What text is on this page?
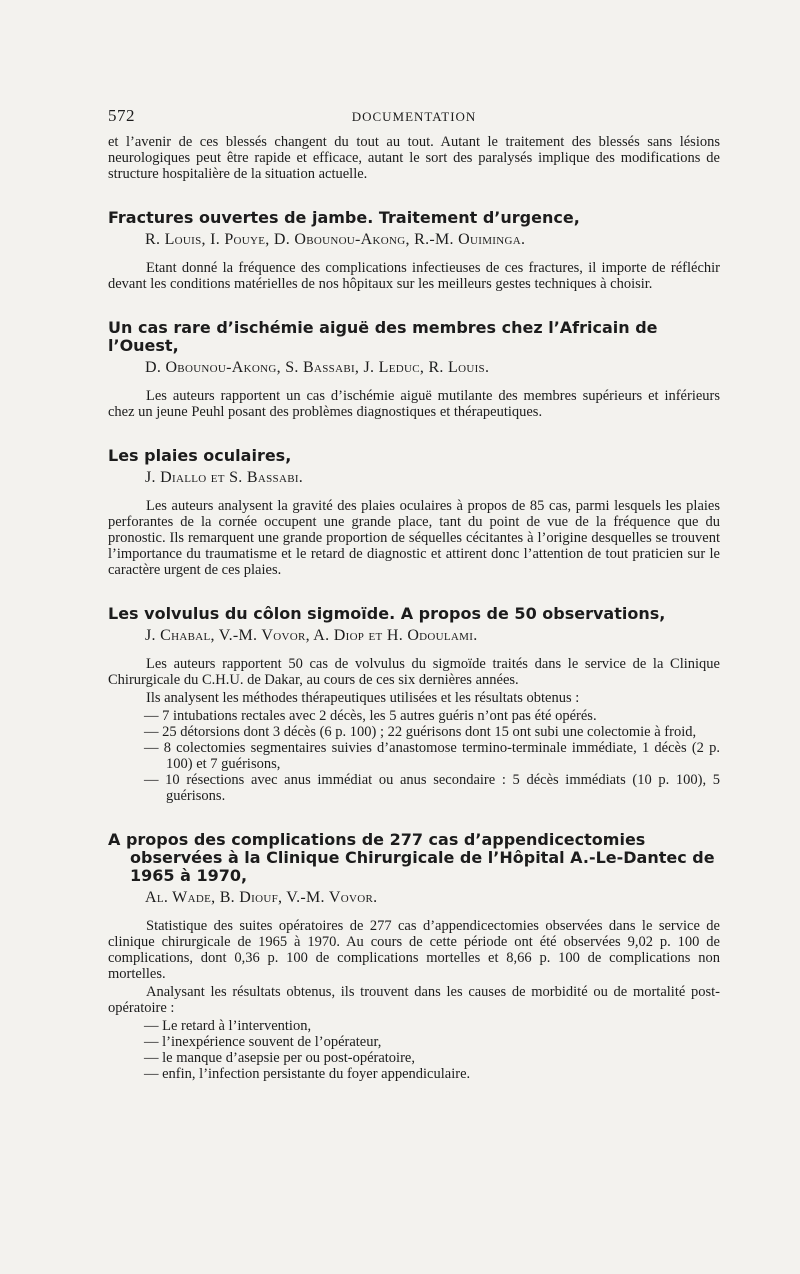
572	DOCUMENTATION

et l’avenir de ces blessés changent du tout au tout. Autant le traitement des blessés sans lésions neurologiques peut être rapide et efficace, autant le sort des paralysés implique des modifications de structure hospitalière de la situation actuelle.

Fractures ouvertes de jambe. Traitement d’urgence,
R. Louis, I. Pouye, D. Obounou-Akong, R.-M. Ouiminga.

Etant donné la fréquence des complications infectieuses de ces fractures, il importe de réfléchir devant les conditions matérielles de nos hôpitaux sur les meilleurs gestes techniques à choisir.

Un cas rare d’ischémie aiguë des membres chez l’Africain de l’Ouest,
D. Obounou-Akong, S. Bassabi, J. Leduc, R. Louis.

Les auteurs rapportent un cas d’ischémie aiguë mutilante des membres supérieurs et inférieurs chez un jeune Peuhl posant des problèmes diagnostiques et thérapeutiques.

Les plaies oculaires,
J. Diallo et S. Bassabi.

Les auteurs analysent la gravité des plaies oculaires à propos de 85 cas, parmi lesquels les plaies perforantes de la cornée occupent une grande place, tant du point de vue de la fréquence que du pronostic. Ils remarquent une grande proportion de séquelles cécitantes à l’origine desquelles se trouvent l’importance du traumatisme et le retard de diagnostic et attirent donc l’attention de tout praticien sur le caractère urgent de ces plaies.

Les volvulus du côlon sigmoïde. A propos de 50 observations,
J. Chabal, V.-M. Vovor, A. Diop et H. Odoulami.

Les auteurs rapportent 50 cas de volvulus du sigmoïde traités dans le service de la Clinique Chirurgicale du C.H.U. de Dakar, au cours de ces six dernières années.

Ils analysent les méthodes thérapeutiques utilisées et les résultats obtenus :

— 7 intubations rectales avec 2 décès, les 5 autres guéris n’ont pas été opérés.
— 25 détorsions dont 3 décès (6 p. 100) ; 22 guérisons dont 15 ont subi une colectomie à froid,
— 8 colectomies segmentaires suivies d’anastomose termino-terminale immédiate, 1 décès (2 p. 100) et 7 guérisons,
— 10 résections avec anus immédiat ou anus secondaire : 5 décès immédiats (10 p. 100), 5 guérisons.
A propos des complications de 277 cas d’appendicectomies observées à la Clinique Chirurgicale de l’Hôpital A.-Le-Dantec de 1965 à 1970,
Al. Wade, B. Diouf, V.-M. Vovor.

Statistique des suites opératoires de 277 cas d’appendicectomies observées dans le service de clinique chirurgicale de 1965 à 1970. Au cours de cette période ont été observées 9,02 p. 100 de complications, dont 0,36 p. 100 de complications mortelles et 8,66 p. 100 de complications non mortelles.

Analysant les résultats obtenus, ils trouvent dans les causes de morbidité ou de mortalité post-opératoire :

— Le retard à l’intervention,
— l’inexpérience souvent de l’opérateur,
— le manque d’asepsie per ou post-opératoire,
— enfin, l’infection persistante du foyer appendiculaire.
